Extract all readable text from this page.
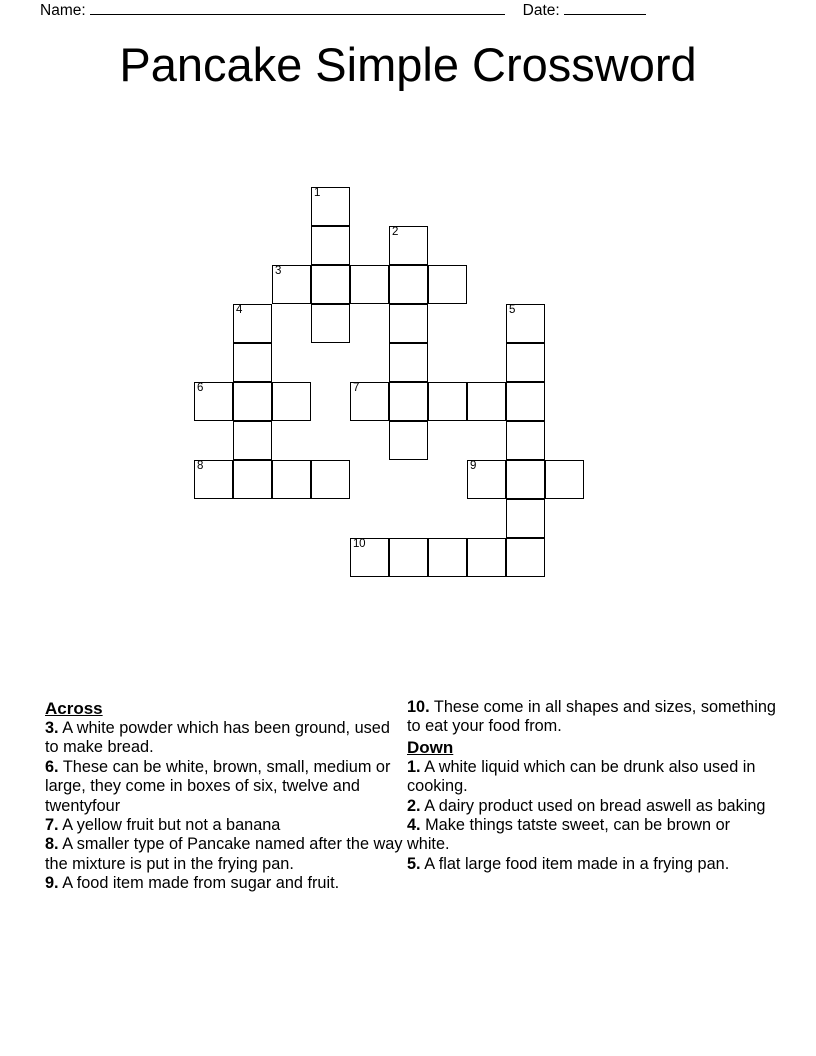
Name:	Date:
Pancake Simple Crossword
1
2
3
4	5
6	7
8	9
10
Across
3. A white powder which has been ground, used to make bread.
6. These can be white, brown, small, medium or large, they come in boxes of six, twelve and twentyfour
7. A yellow fruit but not a banana
8. A smaller type of Pancake named after the way the mixture is put in the frying pan.
9. A food item made from sugar and fruit.
10. These come in all shapes and sizes, something to eat your food from.
Down
1. A white liquid which can be drunk also used in cooking.
2. A dairy product used on bread aswell as baking
4. Make things tatste sweet, can be brown or white.
5. A flat large food item made in a frying pan.
